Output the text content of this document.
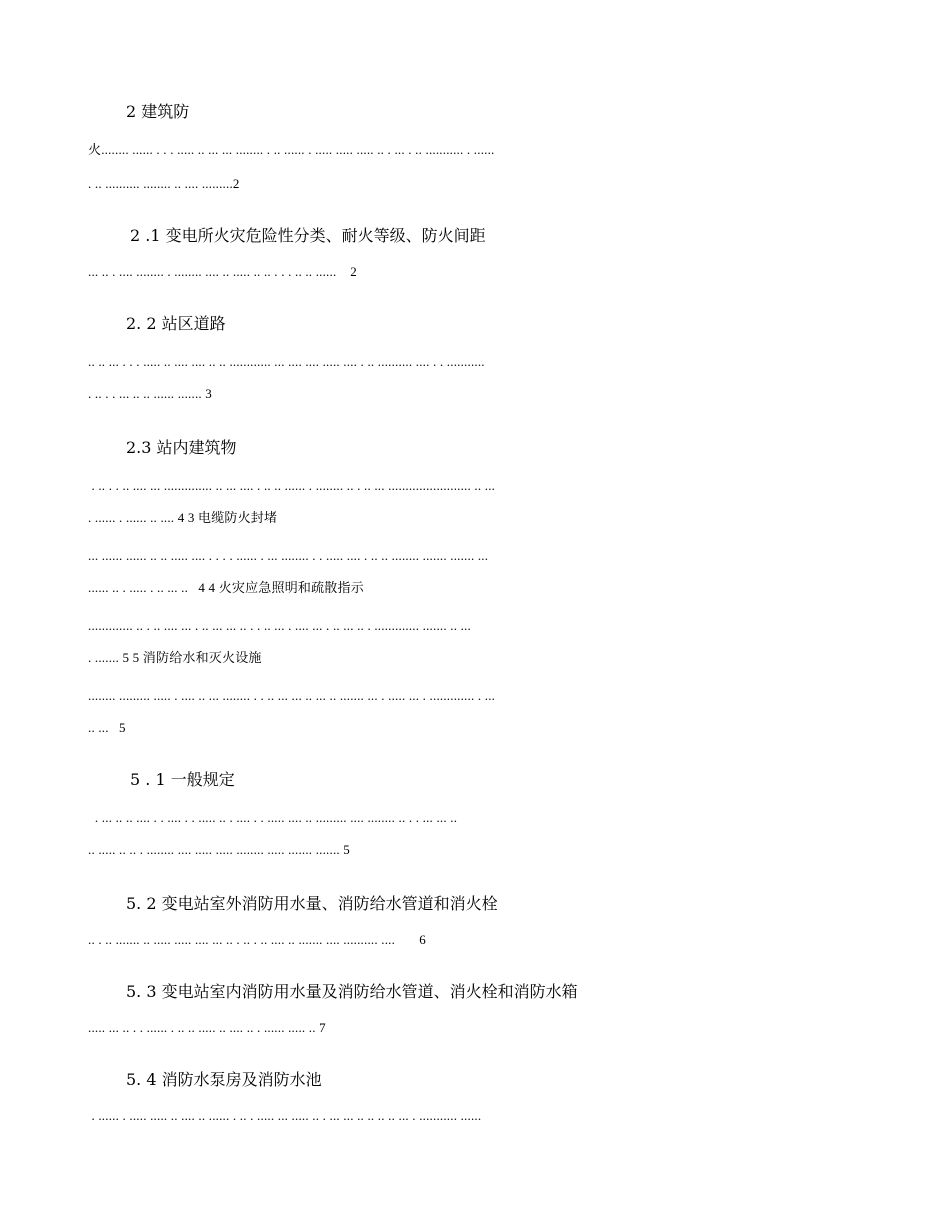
2 建筑防
火........ ...... . . . ..... .. ... ... ........ . .. ...... . ..... ..... ..... .. . ... . .. ........... . ......
. .. .......... ........ .. .... .........2
2 .1 变电所火灾危险性分类、耐火等级、防火间距
... .. . .... ........ . ........ .... .. ..... .. .. . . . .. .. ......    2
2. 2 站区道路
.. .. ... . . . ..... .. .... .... .. .. ............ ... .... .... ..... .... . .. .......... .... . . ...........
. .. . . ... .. .. ...... ....... 3
2.3 站内建筑物
. .. . . .. .... ... .............. .. ... .... . .. .. ...... . ........ .. . .. ... ........................ .. ...
. ...... . ...... .. .... 4 3 电缆防火封堵
... ...... ...... .. .. ..... .... . . . . ...... . ... ........ . . ..... .... . .. .. ........ ....... ....... ...
...... .. . ..... . .. ... ..   4 4 火灾应急照明和疏散指示
............. .. . .. .... ... . .. ... ... .. . . .. ... . .... ... . .. ... .. . ............. ....... .. ...
. ....... 5 5 消防给水和灭火设施
........ ......... ..... . .... .. ... ........ . . .. ... ... .. ... .. ....... ... . ..... ... . ............. . ...
.. ...   5
5 . 1 一般规定
. ... .. .. .... . . .... . . ..... .. . .... . . ..... .... .. ......... .... ........ .. . . ... ... ..
.. ..... .. .. . ........ .... ..... ..... ........ ..... ....... ....... 5
5. 2 变电站室外消防用水量、消防给水管道和消火栓
.. . .. ....... .. ..... ..... .... ... .. . .. . .. .... .. ....... .... .......... ....       6
5. 3 变电站室内消防用水量及消防给水管道、消火栓和消防水箱
..... ... .. . . ...... . .. .. ..... .. .... .. . ...... ..... .. 7
5. 4 消防水泵房及消防水池
. ...... . ..... ..... .. .... .. ...... . .. . ..... ... ..... .. . ... ... .. .. .. .. ... . ........... ......
